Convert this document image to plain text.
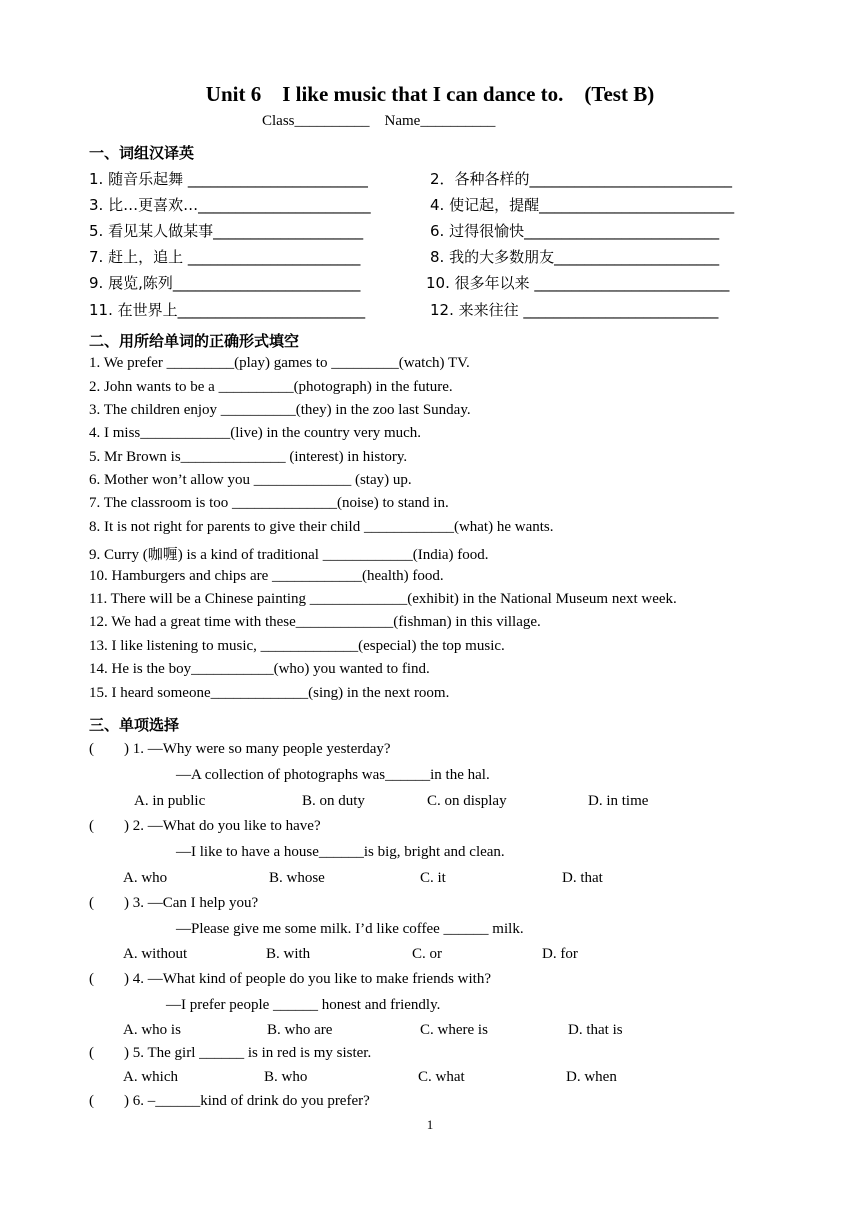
Unit 6    I like music that I can dance to.    (Test B)
Class__________    Name__________
一、词组汉译英
1. 随音乐起舞 ________________________	2．各种各样的___________________________
3. 比…更喜欢…_______________________	4. 使记起，提醒__________________________
5. 看见某人做某事____________________	6. 过得很愉快__________________________
7. 赶上，追上 _______________________	8. 我的大多数朋友______________________
9. 展览,陈列_________________________	10. 很多年以来 __________________________
11. 在世界上_________________________	12. 来来往往 __________________________
二、用所给单词的正确形式填空
1. We prefer _________(play) games to _________(watch) TV.
2. John wants to be a __________(photograph) in the future.
3. The children enjoy __________(they) in the zoo last Sunday.
4. I miss____________(live) in the country very much.
5. Mr Brown is______________ (interest) in history.
6. Mother won’t allow you _____________ (stay) up.
7. The classroom is too ______________(noise) to stand in.
8. It is not right for parents to give their child ____________(what) he wants.
9. Curry (咖喱) is a kind of traditional ____________(India) food.
10. Hamburgers and chips are ____________(health) food.
11. There will be a Chinese painting _____________(exhibit) in the National Museum next week.
12. We had a great time with these_____________(fishman) in this village.
13. I like listening to music, _____________(especial) the top music.
14. He is the boy___________(who) you wanted to find.
15. I heard someone_____________(sing) in the next room.
三、单项选择
(        ) 1. —Why were so many people yesterday?
—A collection of photographs was______in the hal.
A. in public	B. on duty	C. on display	D. in time
(        ) 2. —What do you like to have?
—I like to have a house______is big, bright and clean.
A. who	B. whose	C. it	D. that
(        ) 3. —Can I help you?
—Please give me some milk. I’d like coffee ______ milk.
A. without	B. with	C. or	D. for
(        ) 4. —What kind of people do you like to make friends with?
—I prefer people ______ honest and friendly.
A. who is	B. who are	C. where is	D. that is
(        ) 5. The girl ______ is in red is my sister.
A. which	B. who	C. what	D. when
(        ) 6. –______kind of drink do you prefer?
1
